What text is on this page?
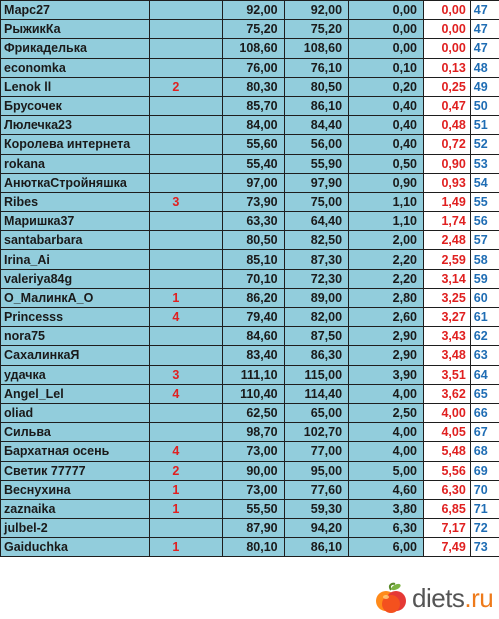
Марс27		92,00	92,00	0,00	0,00	47
РыжикКа		75,20	75,20	0,00	0,00	47
Фрикаделька		108,60	108,60	0,00	0,00	47
economka		76,00	76,10	0,10	0,13	48
Lenok ll	2	80,30	80,50	0,20	0,25	49
Брусочек		85,70	86,10	0,40	0,47	50
Люлечка23		84,00	84,40	0,40	0,48	51
Королева интернета		55,60	56,00	0,40	0,72	52
rokana		55,40	55,90	0,50	0,90	53
АнюткаСтройняшка		97,00	97,90	0,90	0,93	54
Ribes	3	73,90	75,00	1,10	1,49	55
Маришка37		63,30	64,40	1,10	1,74	56
santabarbara		80,50	82,50	2,00	2,48	57
Irina_Ai		85,10	87,30	2,20	2,59	58
valeriya84g		70,10	72,30	2,20	3,14	59
O_МалинкА_O	1	86,20	89,00	2,80	3,25	60
Princesss	4	79,40	82,00	2,60	3,27	61
nora75		84,60	87,50	2,90	3,43	62
СахалинкаЯ		83,40	86,30	2,90	3,48	63
удачка	3	111,10	115,00	3,90	3,51	64
Angel_Lel	4	110,40	114,40	4,00	3,62	65
oliad		62,50	65,00	2,50	4,00	66
Сильва		98,70	102,70	4,00	4,05	67
Бархатная осень	4	73,00	77,00	4,00	5,48	68
Светик 77777	2	90,00	95,00	5,00	5,56	69
Веснухина	1	73,00	77,60	4,60	6,30	70
zaznaika	1	55,50	59,30	3,80	6,85	71
julbel-2		87,90	94,20	6,30	7,17	72
Gaiduchka	1	80,10	86,10	6,00	7,49	73
diets.ru
